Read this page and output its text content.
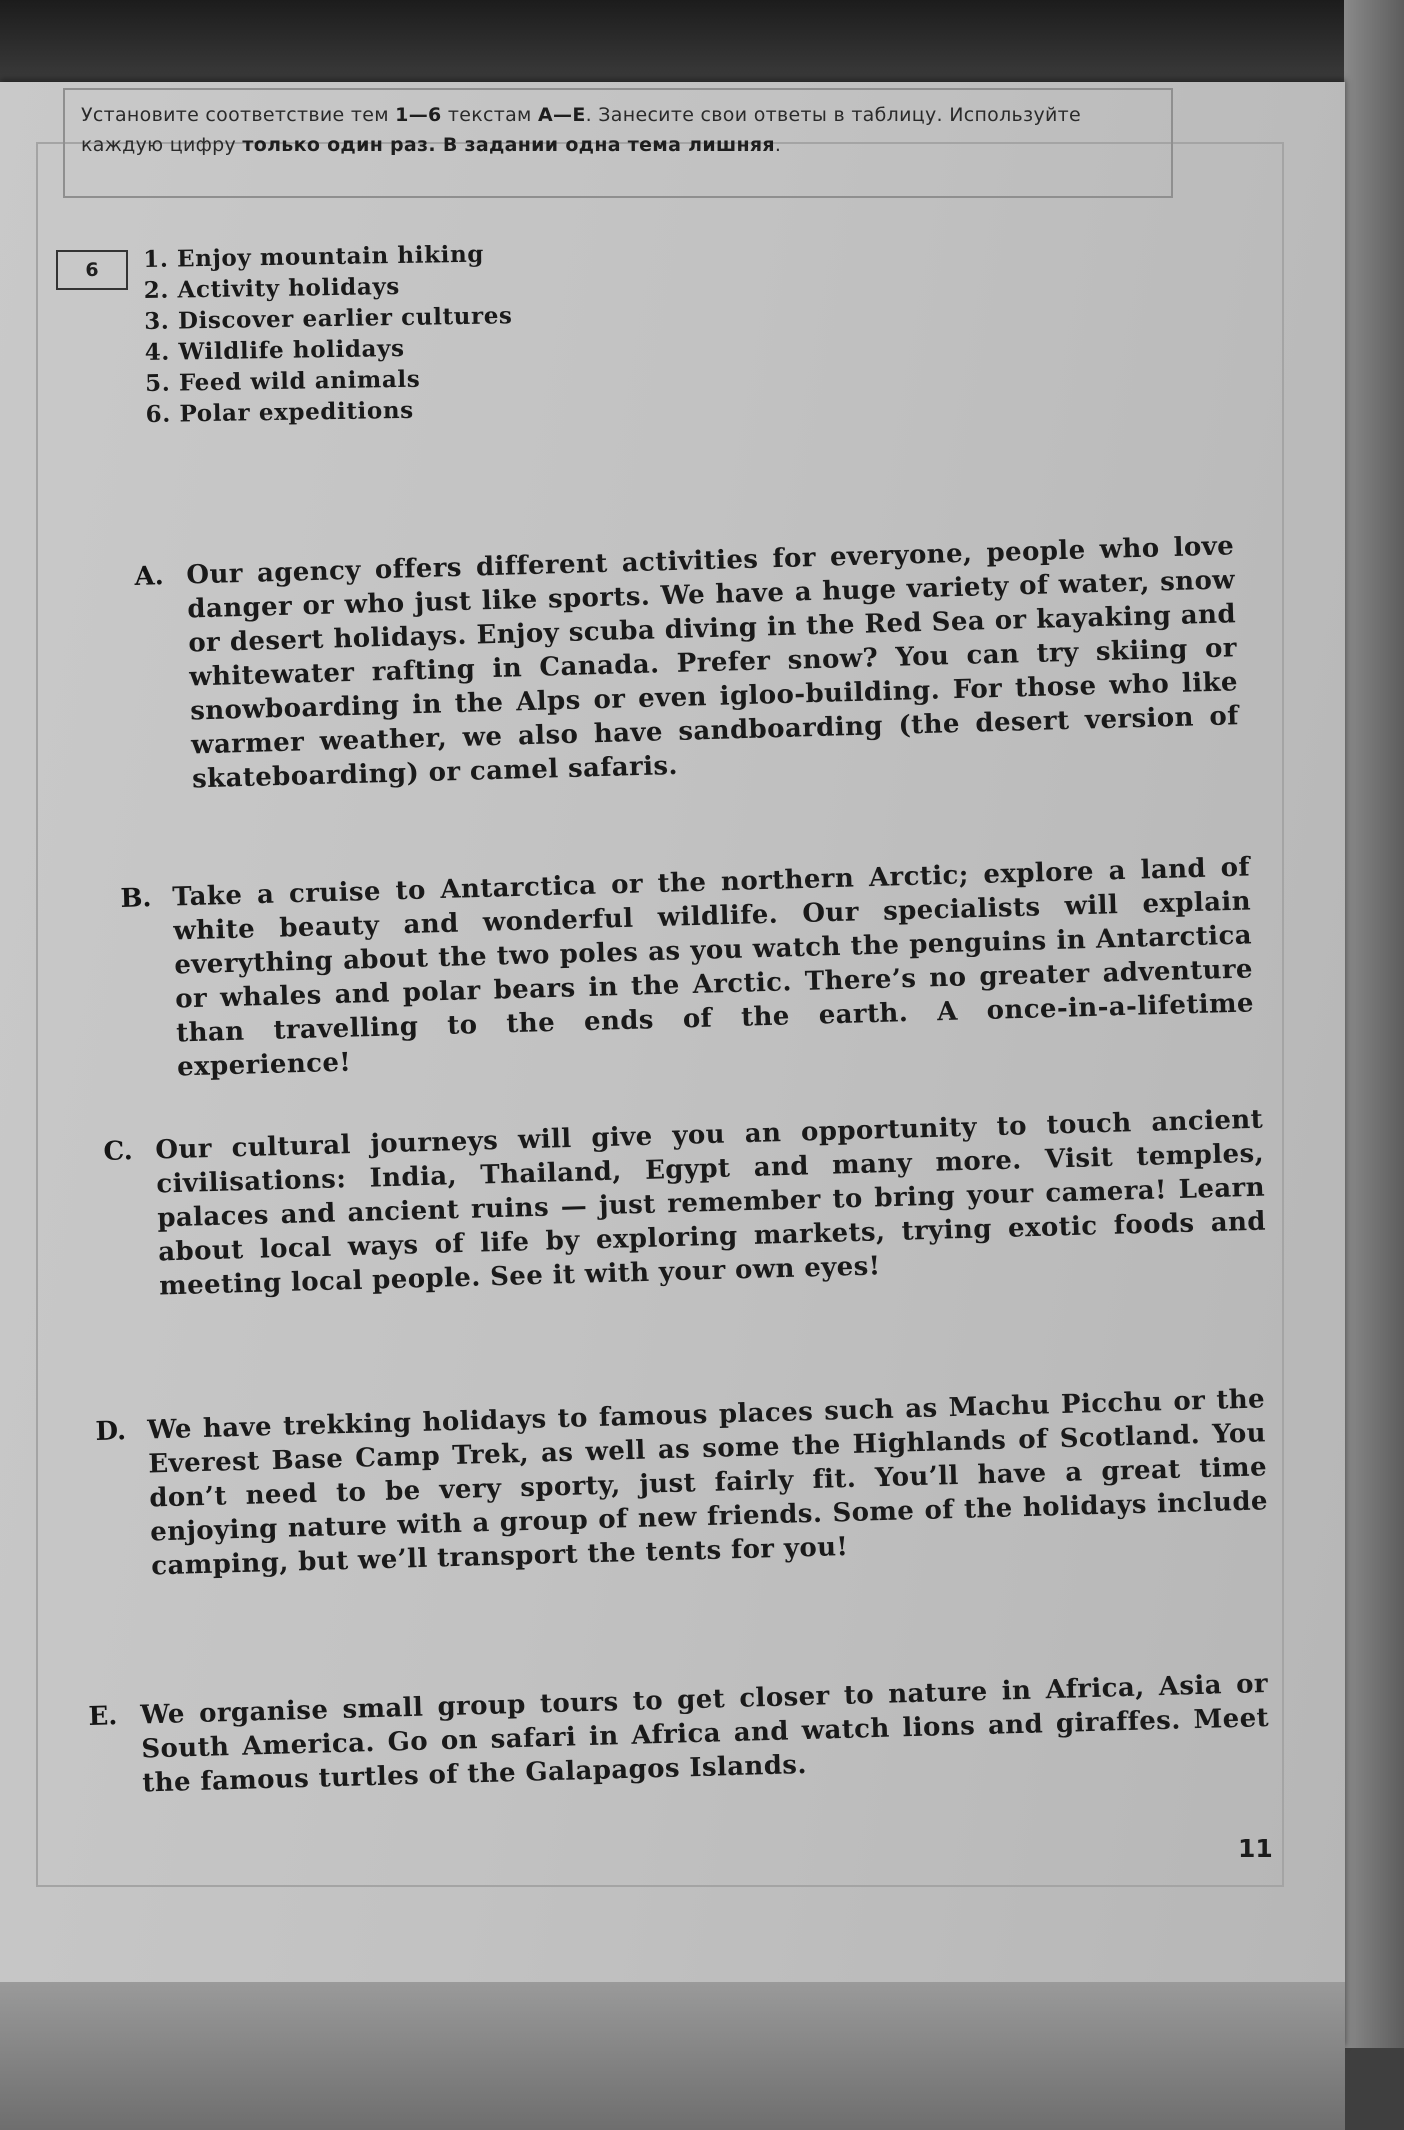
Установите соответствие тем 1—6 текстам А—Е. Занесите свои ответы в таблицу. Используйте каждую цифру только один раз. В задании одна тема лишняя.
6	1. Enjoy mountain hiking
2. Activity holidays
3. Discover earlier cultures
4. Wildlife holidays
5. Feed wild animals
6. Polar expeditions
A. Our agency offers different activities for everyone, people who love danger or who just like sports. We have a huge variety of water, snow or desert holidays. Enjoy scuba diving in the Red Sea or kayaking and whitewater rafting in Canada. Prefer snow? You can try skiing or snowboarding in the Alps or even igloo-building. For those who like warmer weather, we also have sandboarding (the desert version of skateboarding) or camel safaris.
B. Take a cruise to Antarctica or the northern Arctic; explore a land of white beauty and wonderful wildlife. Our specialists will explain everything about the two poles as you watch the penguins in Antarctica or whales and polar bears in the Arctic. There’s no greater adventure than travelling to the ends of the earth. A once-in-a-lifetime experience!
C. Our cultural journeys will give you an opportunity to touch ancient civilisations: India, Thailand, Egypt and many more. Visit temples, palaces and ancient ruins — just remember to bring your camera! Learn about local ways of life by exploring markets, trying exotic foods and meeting local people. See it with your own eyes!
D. We have trekking holidays to famous places such as Machu Picchu or the Everest Base Camp Trek, as well as some the Highlands of Scotland. You don’t need to be very sporty, just fairly fit. You’ll have a great time enjoying nature with a group of new friends. Some of the holidays include camping, but we’ll transport the tents for you!
E. We organise small group tours to get closer to nature in Africa, Asia or South America. Go on safari in Africa and watch lions and giraffes. Meet the famous turtles of the Galapagos Islands.
11
